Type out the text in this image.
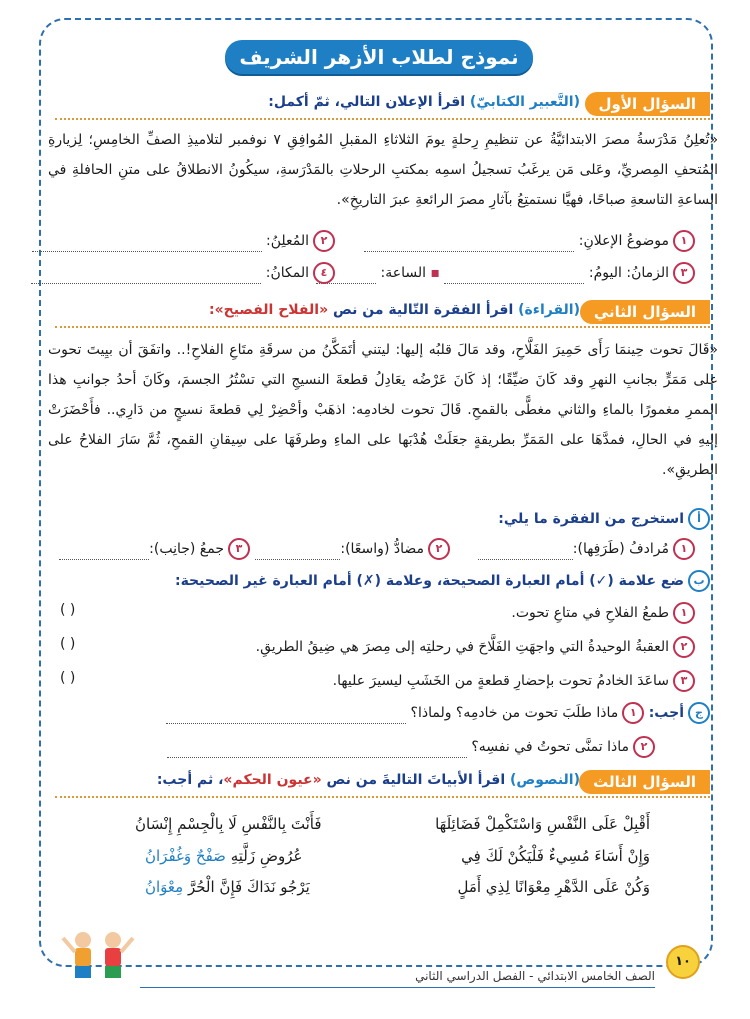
نموذج لطلاب الأزهر الشريف
السؤال الأول
(التَّعبير الكتابيّ) اقرأ الإعلان التالي، ثمّ أكمل:
«تُعلِنُ مَدْرَسةُ مصرَ الابتدائيَّةُ عن تنظيمِ رِحلةٍ يومَ الثلاثاءِ المقبلِ المُوافِقِ ٧ نوفمبر لتلاميذِ الصفِّ الخامِسِ؛ لِزيارةِ المُتحفِ المِصريِّ، وعَلى مَن يرغَبُ تسجيلُ اسمِه بمكتبِ الرحلاتِ بالمَدْرَسةِ، سيكُونُ الانطلاقُ على متنِ الحافلةِ في الساعةِ التاسعةِ صباحًا، فهيَّا نستمتِعُ بآثارِ مصرَ الرائعةِ عبرَ التاريخِ».
١موضوعُ الإعلانِ:
٢المُعلِنُ:
٣الزمانُ: اليومُ:  ▪ الساعة:
٤المكانُ:
السؤال الثاني
(القراءة) اقرأ الفقرة التّالية من نص «الفلاح الفصيح»:
«قَالَ تحوت حِينمَا رَأَى حَمِيرَ الفَلَّاحِ، وقد مَالَ قلبُه إليها: ليتني أتَمَكَّنُ من سرقَةِ متَاعِ الفلاحِ!.. واتفَقَ أن بيِيتَ تحوت على مَمَرٍّ بجانبِ النهرِ وقد كَانَ ضيِّقًا؛ إذ كَانَ عَرْضُه يعَادِلُ قطعةَ النسيجِ التي تسْتُرُ الجسمَ، وكَانَ أحدُ جوانبِ هذا الممرِ مغمورًا بالماءِ والثاني مغطًّى بالقمحِ. قَالَ تحوت لخادمِه: اذهَبْ وأحْضِرْ لِي قطعةَ نسيجٍ من دَارِي.. فأَحْضَرَتْ إليهِ في الحالِ، فمدَّهَا على المَمَرِّ بطريقةٍ جعَلَتْ هُدْبَها على الماءِ وطرفَهَا على سِيقانِ القمحِ، ثُمَّ سَارَ الفلاحُ على الطريقِ».
أاستخرج من الفقرة ما يلي:
١مُرادفُ (طَرَفِها):
٢مضادُّ (واسعًا):
٣جمعُ (جانِب):
بضع علامة (✓) أمام العبارة الصحيحة، وعلامة (✗) أمام العبارة غير الصحيحة:
١طمعُ الفلاحِ في متاعِ تحوت.
( )
٢العقبةُ الوحيدةُ التي واجهَتِ الفَلَّاحَ في رحلتِه إلى مِصرَ هي ضِيقُ الطريقِ.
( )
٣ساعَدَ الخادمُ تحوت بإحضارِ قطعةٍ من الخَشَبِ ليسيرَ عليها.
( )
جأجب: ١ماذا طلَبَ تحوت من خادمِه؟ ولماذا؟
٢ماذا تمنَّى تحوتُ في نفسِه؟
السؤال الثالث
(النصوص) اقرأ الأبياتَ التاليةَ من نص «عيون الحكم»، ثم أجب:
أَقْبِلْ عَلَى النَّفْسِ وَاسْتَكْمِلْ فَضَائِلَهَا
فَأَنْتَ بِالنَّفْسِ لَا بِالْجِسْمِ إِنْسَانُ
وَإِنْ أَسَاءَ مُسِيءٌ فَلْيَكُنْ لَكَ فِي
عُرُوضِ زَلَّتِهِ صَفْحٌ وَغُفْرَانُ
وَكُنْ عَلَى الدَّهْرِ مِعْوَانًا لِذِي أَمَلٍ
يَرْجُو نَدَاكَ فَإِنَّ الْحُرَّ مِعْوَانُ
١٠
الصف الخامس الابتدائي - الفصل الدراسي الثاني
